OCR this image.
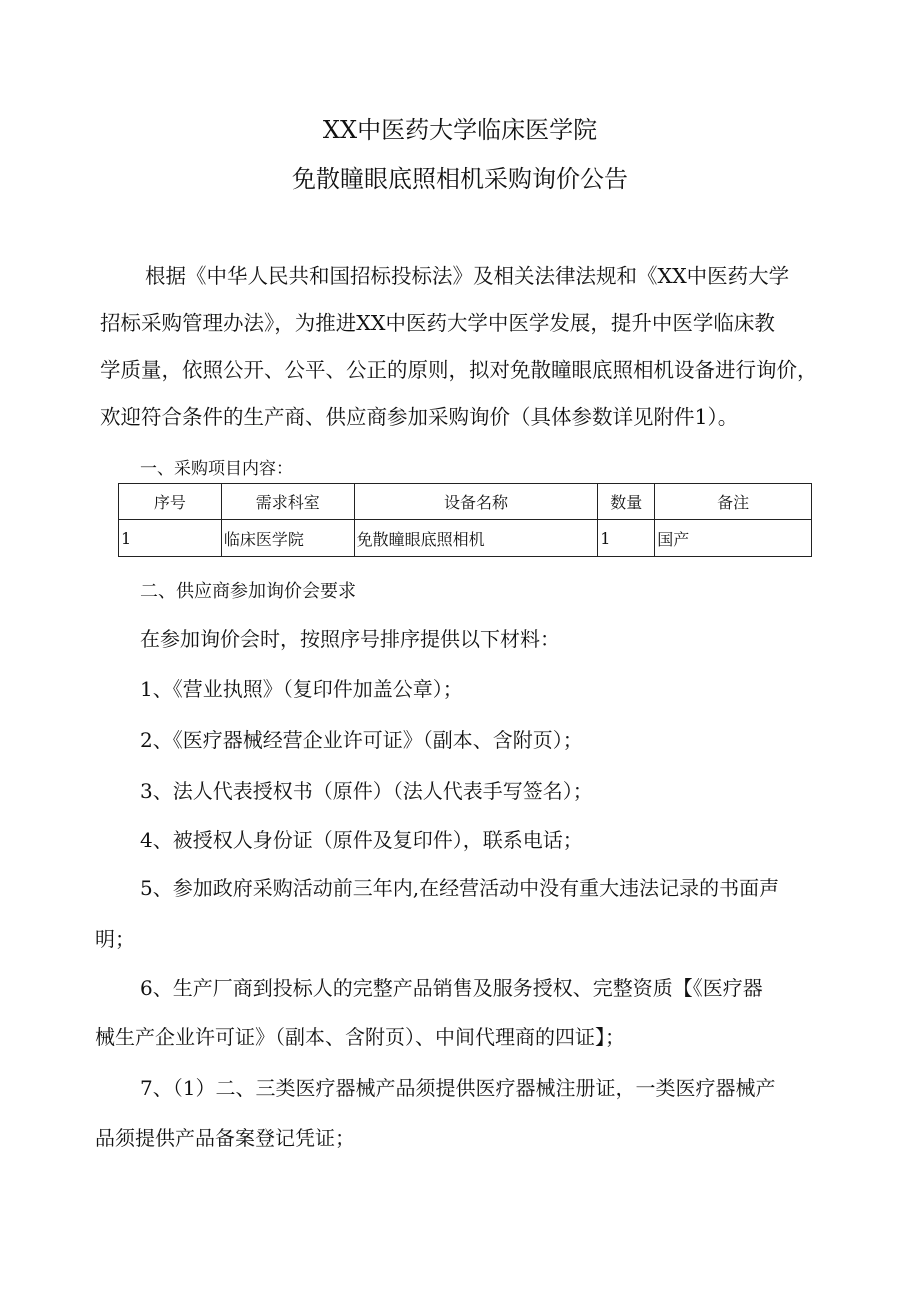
XX中医药大学临床医学院
免散瞳眼底照相机采购询价公告
根据《中华人民共和国招标投标法》及相关法律法规和《XX中医药大学
招标采购管理办法》，为推进XX中医药大学中医学发展，提升中医学临床教
学质量，依照公开、公平、公正的原则，拟对免散瞳眼底照相机设备进行询价，
欢迎符合条件的生产商、供应商参加采购询价（具体参数详见附件1）。
一、采购项目内容：
序号	需求科室	设备名称	数量	备注
1	临床医学院	免散瞳眼底照相机	1	国产
二、供应商参加询价会要求
在参加询价会时，按照序号排序提供以下材料：
1、《营业执照》（复印件加盖公章）；
2、《医疗器械经营企业许可证》（副本、含附页）；
3、法人代表授权书（原件）（法人代表手写签名）；
4、被授权人身份证（原件及复印件），联系电话；
5、参加政府采购活动前三年内,在经营活动中没有重大违法记录的书面声
明；
6、生产厂商到投标人的完整产品销售及服务授权、完整资质【《医疗器
械生产企业许可证》（副本、含附页）、中间代理商的四证】；
7、（1）二、三类医疗器械产品须提供医疗器械注册证，一类医疗器械产
品须提供产品备案登记凭证；
